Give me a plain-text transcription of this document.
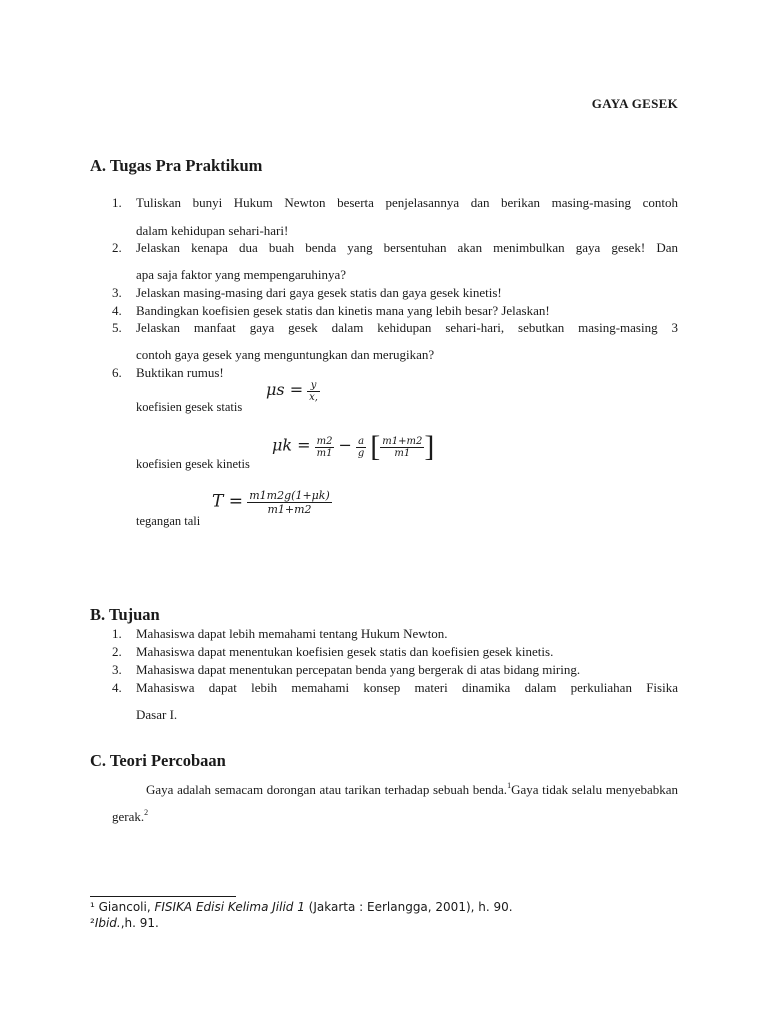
GAYA GESEK
A. Tugas Pra Praktikum
1.	Tuliskan bunyi Hukum Newton beserta penjelasannya dan berikan masing-masing contoh
dalam kehidupan sehari-hari!
2.	Jelaskan kenapa dua buah benda yang bersentuhan akan menimbulkan gaya gesek! Dan
apa saja faktor yang mempengaruhinya?
3.	Jelaskan masing-masing dari gaya gesek statis dan gaya gesek kinetis!
4.	Bandingkan koefisien gesek statis dan kinetis mana yang lebih besar? Jelaskan!
5.	Jelaskan manfaat gaya gesek dalam kehidupan sehari-hari, sebutkan masing-masing 3
contoh gaya gesek yang menguntungkan dan merugikan?
6.	Buktikan rumus!
koefisien gesek statis
$\mu s = \frac{y}{x,}$
koefisien gesek kinetis
$\mu k = \frac{m2}{m1} - \frac{a}{g}$ [ $\frac{m1+m2}{m1}$ ]
tegangan tali
$T = \frac{m1m2g(1+\mu k)}{m1+m2}$
B. Tujuan
1.	Mahasiswa dapat lebih memahami tentang Hukum Newton.
2.	Mahasiswa dapat menentukan koefisien gesek statis dan koefisien gesek kinetis.
3.	Mahasiswa dapat menentukan percepatan benda yang bergerak di atas bidang miring.
4.	Mahasiswa dapat lebih memahami konsep materi dinamika dalam perkuliahan Fisika
Dasar I.
C. Teori Percobaan
Gaya adalah semacam dorongan atau tarikan terhadap sebuah benda.$^1$Gaya tidak selalu menyebabkan gerak.$^2$
¹ Giancoli, FISIKA Edisi Kelima Jilid 1 (Jakarta : Eerlangga, 2001), h. 90.
²Ibid.,h. 91.
